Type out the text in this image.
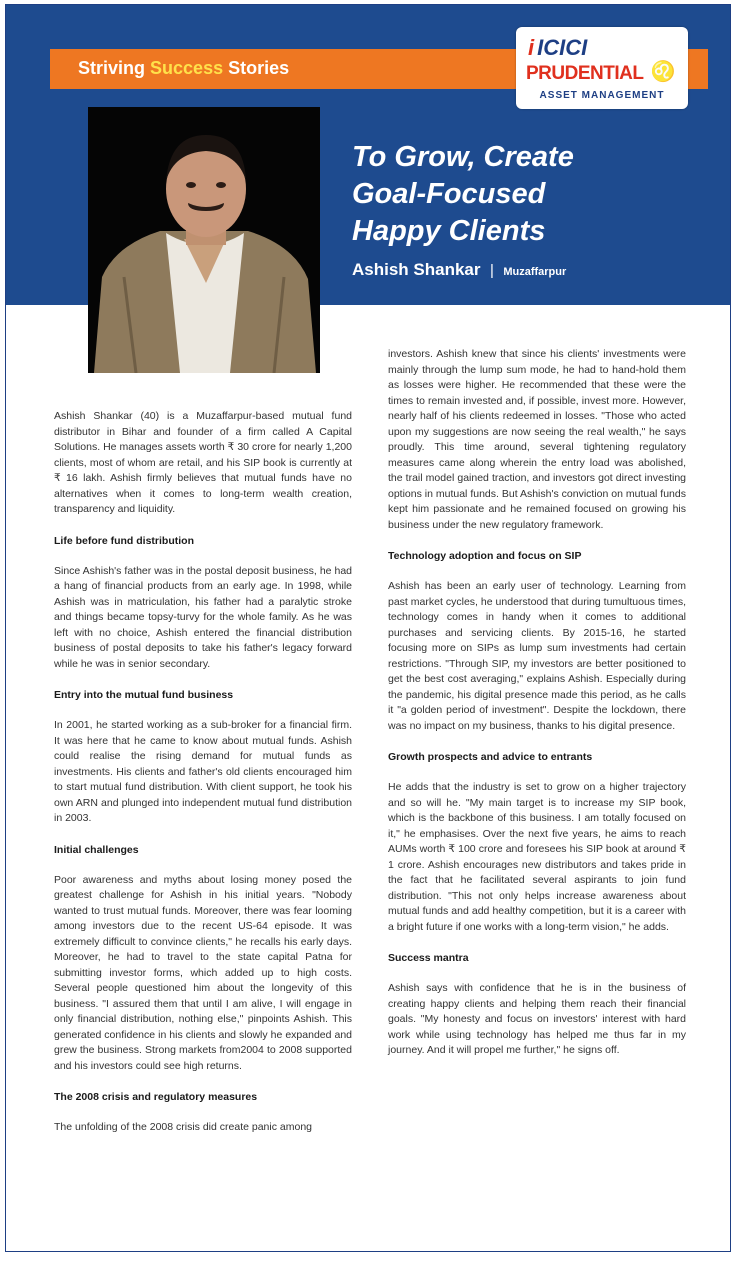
Striving Success Stories
i ICICI
PRUDENTIAL ♌
ASSET MANAGEMENT
To Grow, Create
Goal-Focused
Happy Clients
Ashish Shankar | Muzaffarpur

Ashish Shankar (40) is a Muzaffarpur-based mutual fund distributor in Bihar and founder of a firm called A Capital Solutions. He manages assets worth ₹ 30 crore for nearly 1,200 clients, most of whom are retail, and his SIP book is currently at ₹ 16 lakh. Ashish firmly believes that mutual funds have no alternatives when it comes to long-term wealth creation, transparency and liquidity.

Life before fund distribution

Since Ashish's father was in the postal deposit business, he had a hang of financial products from an early age. In 1998, while Ashish was in matriculation, his father had a paralytic stroke and things became topsy-turvy for the whole family. As he was left with no choice, Ashish entered the financial distribution business of postal deposits to take his father's legacy forward while he was in senior secondary.

Entry into the mutual fund business

In 2001, he started working as a sub-broker for a financial firm. It was here that he came to know about mutual funds. Ashish could realise the rising demand for mutual funds as investments. His clients and father's old clients encouraged him to start mutual fund distribution. With client support, he took his own ARN and plunged into independent mutual fund distribution in 2003.

Initial challenges

Poor awareness and myths about losing money posed the greatest challenge for Ashish in his initial years. "Nobody wanted to trust mutual funds. Moreover, there was fear looming among investors due to the recent US-64 episode. It was extremely difficult to convince clients," he recalls his early days. Moreover, he had to travel to the state capital Patna for submitting investor forms, which added up to high costs. Several people questioned him about the longevity of this business. "I assured them that until I am alive, I will engage in only financial distribution, nothing else," pinpoints Ashish. This generated confidence in his clients and slowly he expanded and grew the business. Strong markets from2004 to 2008 supported and his investors could see high returns.

The 2008 crisis and regulatory measures

The unfolding of the 2008 crisis did create panic among

investors. Ashish knew that since his clients' investments were mainly through the lump sum mode, he had to hand-hold them as losses were higher. He recommended that these were the times to remain invested and, if possible, invest more. However, nearly half of his clients redeemed in losses. "Those who acted upon my suggestions are now seeing the real wealth," he says proudly. This time around, several tightening regulatory measures came along wherein the entry load was abolished, the trail model gained traction, and investors got direct investing options in mutual funds. But Ashish's conviction on mutual funds kept him passionate and he remained focused on growing his business under the new regulatory framework.

Technology adoption and focus on SIP

Ashish has been an early user of technology. Learning from past market cycles, he understood that during tumultuous times, technology comes in handy when it comes to additional purchases and servicing clients. By 2015-16, he started focusing more on SIPs as lump sum investments had certain restrictions. "Through SIP, my investors are better positioned to get the best cost averaging," explains Ashish. Especially during the pandemic, his digital presence made this period, as he calls it "a golden period of investment". Despite the lockdown, there was no impact on my business, thanks to his digital presence.

Growth prospects and advice to entrants

He adds that the industry is set to grow on a higher trajectory and so will he. "My main target is to increase my SIP book, which is the backbone of this business. I am totally focused on it," he emphasises. Over the next five years, he aims to reach AUMs worth ₹ 100 crore and foresees his SIP book at around ₹ 1 crore. Ashish encourages new distributors and takes pride in the fact that he facilitated several aspirants to join fund distribution. "This not only helps increase awareness about mutual funds and add healthy competition, but it is a career with a bright future if one works with a long-term vision," he adds.

Success mantra

Ashish says with confidence that he is in the business of creating happy clients and helping them reach their financial goals. "My honesty and focus on investors' interest with hard work while using technology has helped me thus far in my journey. And it will propel me further," he signs off.
